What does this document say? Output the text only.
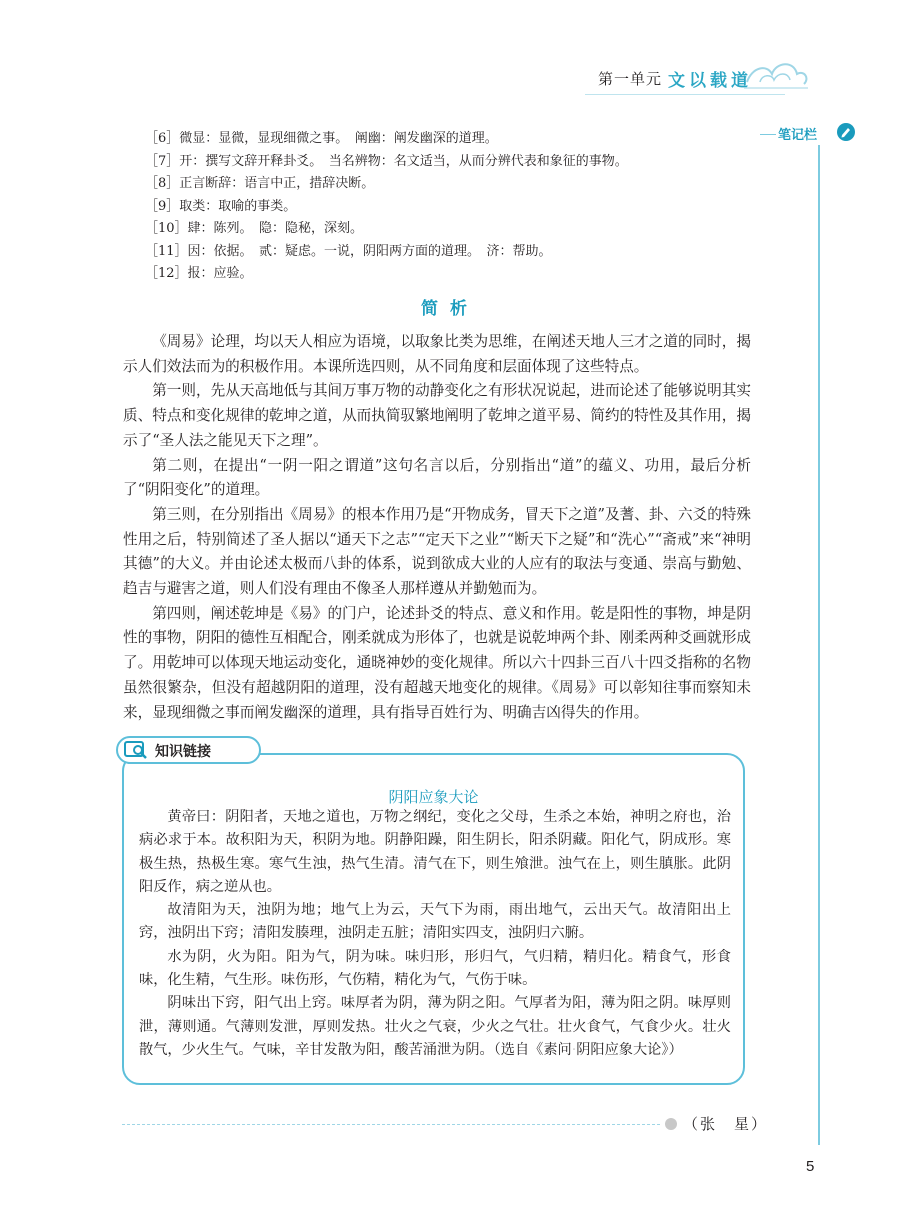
第一单元 文以载道
笔记栏
［6］微显：显微，显现细微之事。　阐幽：阐发幽深的道理。
［7］开：撰写文辞开释卦爻。　当名辨物：名文适当，从而分辨代表和象征的事物。
［8］正言断辞：语言中正，措辞决断。
［9］取类：取喻的事类。
［10］肆：陈列。　隐：隐秘，深刻。
［11］因：依据。　贰：疑虑。一说，阴阳两方面的道理。　济：帮助。
［12］报：应验。
简析

《周易》论理，均以天人相应为语境，以取象比类为思维，在阐述天地人三才之道的同时，揭示人们效法而为的积极作用。本课所选四则，从不同角度和层面体现了这些特点。

第一则，先从天高地低与其间万事万物的动静变化之有形状况说起，进而论述了能够说明其实质、特点和变化规律的乾坤之道，从而执简驭繁地阐明了乾坤之道平易、简约的特性及其作用，揭示了“圣人法之能见天下之理”。

第二则，在提出“一阴一阳之谓道”这句名言以后，分别指出“道”的蕴义、功用，最后分析了“阴阳变化”的道理。

第三则，在分别指出《周易》的根本作用乃是“开物成务，冒天下之道”及蓍、卦、六爻的特殊性用之后，特别简述了圣人据以“通天下之志”“定天下之业”“断天下之疑”和“洗心”“斋戒”来“神明其德”的大义。并由论述太极而八卦的体系，说到欲成大业的人应有的取法与变通、崇高与勤勉、趋吉与避害之道，则人们没有理由不像圣人那样遵从并勤勉而为。

第四则，阐述乾坤是《易》的门户，论述卦爻的特点、意义和作用。乾是阳性的事物，坤是阴性的事物，阴阳的德性互相配合，刚柔就成为形体了，也就是说乾坤两个卦、刚柔两种爻画就形成了。用乾坤可以体现天地运动变化，通晓神妙的变化规律。所以六十四卦三百八十四爻指称的名物虽然很繁杂，但没有超越阴阳的道理，没有超越天地变化的规律。《周易》可以彰知往事而察知未来，显现细微之事而阐发幽深的道理，具有指导百姓行为、明确吉凶得失的作用。

知识链接
阴阳应象大论

黄帝曰：阴阳者，天地之道也，万物之纲纪，变化之父母，生杀之本始，神明之府也，治病必求于本。故积阳为天，积阴为地。阴静阳躁，阳生阴长，阳杀阴藏。阳化气，阴成形。寒极生热，热极生寒。寒气生浊，热气生清。清气在下，则生飧泄。浊气在上，则生䐜胀。此阴阳反作，病之逆从也。

故清阳为天，浊阴为地；地气上为云，天气下为雨，雨出地气，云出天气。故清阳出上窍，浊阴出下窍；清阳发腠理，浊阴走五脏；清阳实四支，浊阴归六腑。

水为阴，火为阳。阳为气，阴为味。味归形，形归气，气归精，精归化。精食气，形食味，化生精，气生形。味伤形，气伤精，精化为气，气伤于味。

阴味出下窍，阳气出上窍。味厚者为阴，薄为阴之阳。气厚者为阳，薄为阳之阴。味厚则泄，薄则通。气薄则发泄，厚则发热。壮火之气衰，少火之气壮。壮火食气，气食少火。壮火散气，少火生气。气味，辛甘发散为阳，酸苦涌泄为阴。（选自《素问·阴阳应象大论》）

（张　星）
5
